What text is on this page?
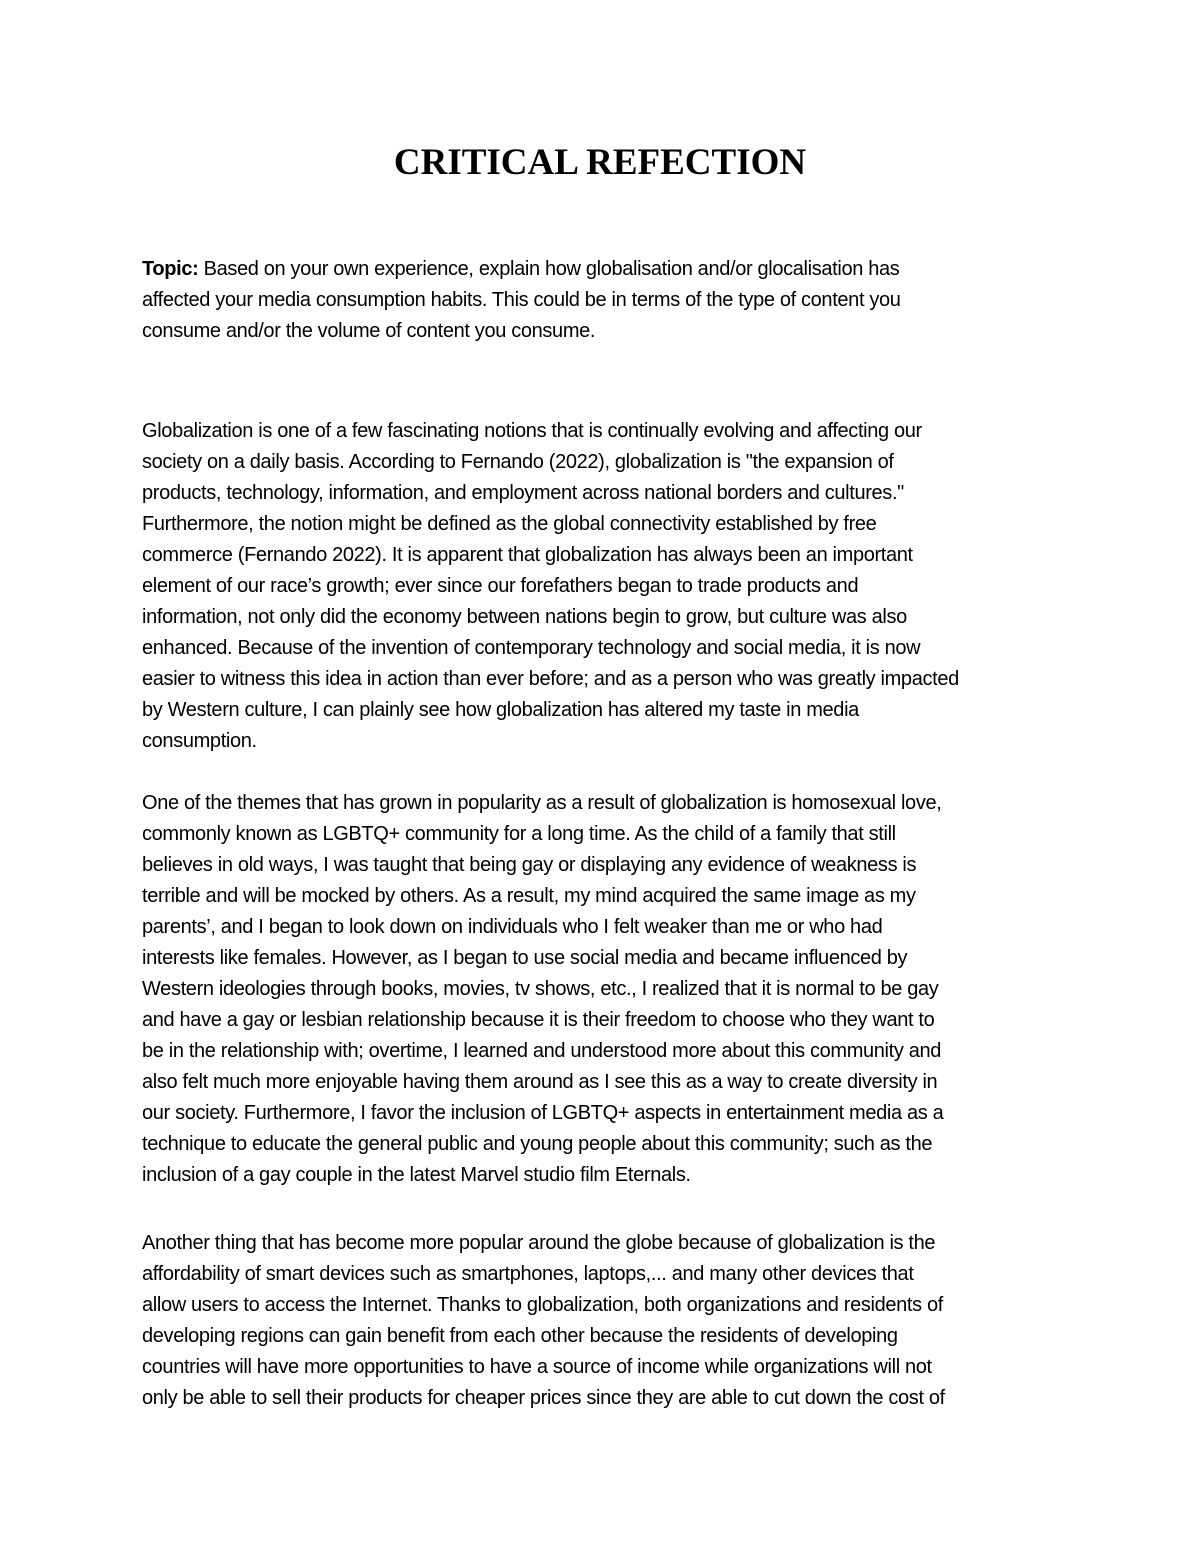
CRITICAL REFECTION

Topic: Based on your own experience, explain how globalisation and/or glocalisation has
affected your media consumption habits. This could be in terms of the type of content you
consume and/or the volume of content you consume.

Globalization is one of a few fascinating notions that is continually evolving and affecting our
society on a daily basis. According to Fernando (2022), globalization is "the expansion of
products, technology, information, and employment across national borders and cultures."
Furthermore, the notion might be defined as the global connectivity established by free
commerce (Fernando 2022). It is apparent that globalization has always been an important
element of our race’s growth; ever since our forefathers began to trade products and
information, not only did the economy between nations begin to grow, but culture was also
enhanced. Because of the invention of contemporary technology and social media, it is now
easier to witness this idea in action than ever before; and as a person who was greatly impacted
by Western culture, I can plainly see how globalization has altered my taste in media
consumption.

One of the themes that has grown in popularity as a result of globalization is homosexual love,
commonly known as LGBTQ+ community for a long time. As the child of a family that still
believes in old ways, I was taught that being gay or displaying any evidence of weakness is
terrible and will be mocked by others. As a result, my mind acquired the same image as my
parents’, and I began to look down on individuals who I felt weaker than me or who had
interests like females. However, as I began to use social media and became influenced by
Western ideologies through books, movies, tv shows, etc., I realized that it is normal to be gay
and have a gay or lesbian relationship because it is their freedom to choose who they want to
be in the relationship with; overtime, I learned and understood more about this community and
also felt much more enjoyable having them around as I see this as a way to create diversity in
our society. Furthermore, I favor the inclusion of LGBTQ+ aspects in entertainment media as a
technique to educate the general public and young people about this community; such as the
inclusion of a gay couple in the latest Marvel studio film Eternals.

Another thing that has become more popular around the globe because of globalization is the
affordability of smart devices such as smartphones, laptops,... and many other devices that
allow users to access the Internet. Thanks to globalization, both organizations and residents of
developing regions can gain benefit from each other because the residents of developing
countries will have more opportunities to have a source of income while organizations will not
only be able to sell their products for cheaper prices since they are able to cut down the cost of
